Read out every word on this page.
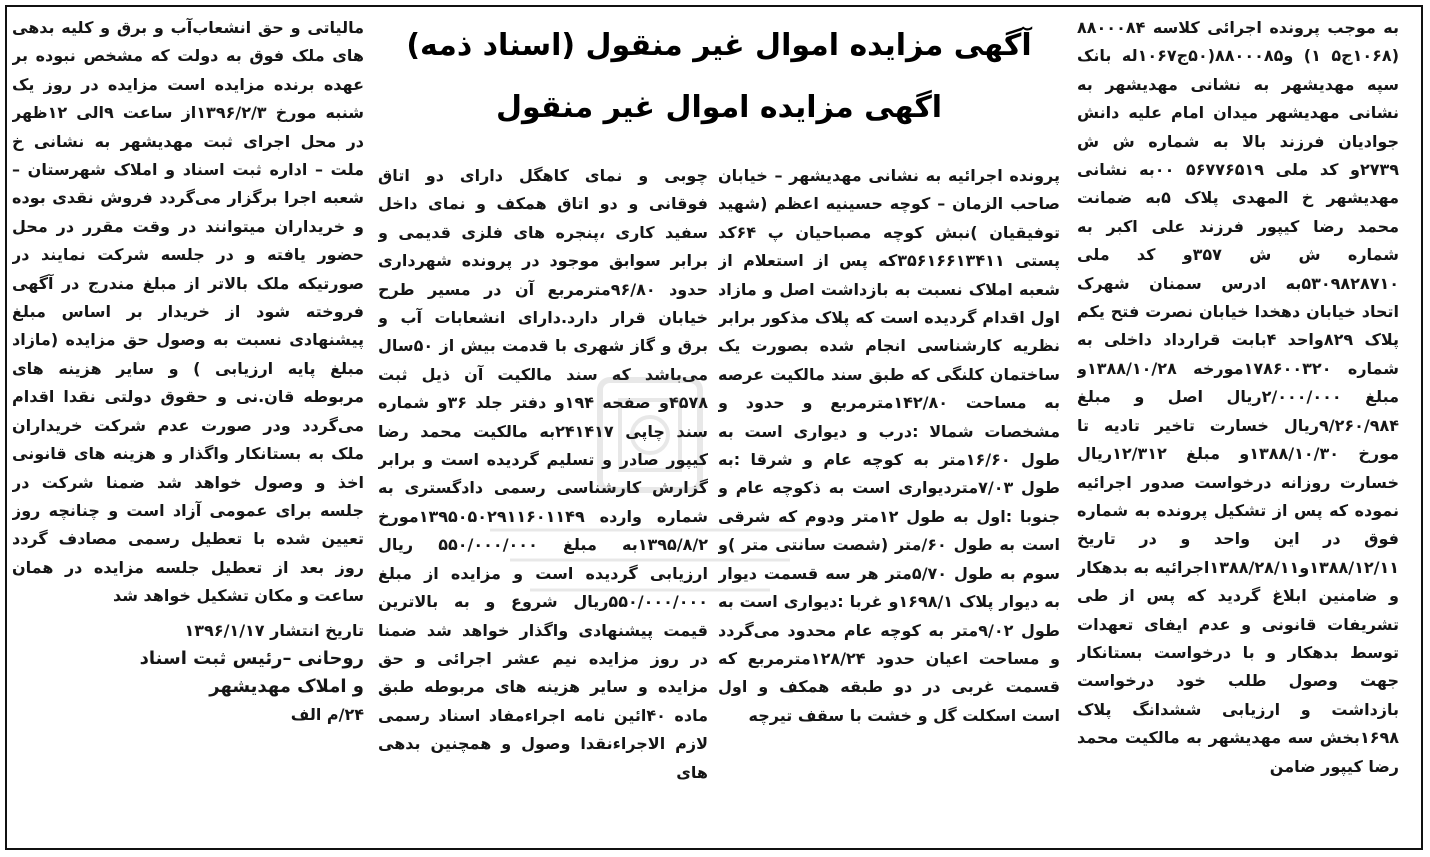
به موجب پرونده اجرائی کلاسه ۸۸۰۰۰۸۴ (۱۰۶۸ج۵ ۱) و۸۸۰۰۰۸۵(۵۰ج۱۰۶۷له بانک سپه مهدیشهر به نشانی مهدیشهر به نشانی مهدیشهر میدان امام علیه دانش جوادیان فرزند بالا به شماره ش ش ۲۷۳۹و کد ملی ۵۶۷۷۶۵۱۹ ۰۰به نشانی مهدیشهر خ المهدی پلاک ۵به ضمانت محمد رضا کیپور فرزند علی اکبر به شماره ش ش ۳۵۷و کد ملی ۵۳۰۹۸۲۸۷۱۰به ادرس سمنان شهرک اتحاد خیابان دهخدا خیابان نصرت فتح یکم پلاک ۸۲۹واحد ۴بابت قرارداد داخلی به شماره ۱۷۸۶۰۰۳۲۰مورخه ۱۳۸۸/۱۰/۲۸و مبلغ ۲/۰۰۰/۰۰۰ریال اصل و مبلغ ۹/۲۶۰/۹۸۴ریال خسارت تاخیر تادیه تا مورخ ۱۳۸۸/۱۰/۳۰و مبلغ ۱۲/۳۱۲ریال خسارت روزانه درخواست صدور اجرائیه نموده که پس از تشکیل پرونده به شماره فوق در این واحد و در تاریخ ۱۳۸۸/۱۲/۱۱و۱۳۸۸/۲۸/۱۱اجرائیه به بدهکار و ضامنین ابلاغ گردید که پس از طی تشریفات قانونی و عدم ایفای تعهدات توسط بدهکار و با درخواست بستانکار جهت وصول طلب خود درخواست بازداشت و ارزیابی ششدانگ پلاک ۱۶۹۸بخش سه مهدیشهر به مالکیت محمد رضا کیپور ضامن

آگهی مزایده اموال غیر منقول (اسناد ذمه)
اگهی مزایده اموال غیر منقول

پرونده اجرائیه به نشانی مهدیشهر – خیابان صاحب الزمان – کوچه حسینیه اعظم (شهید توفیقیان )نبش کوچه مصباحیان پ ۶۴کد پستی ۳۵۶۱۶۶۱۳۴۱۱که پس از استعلام از شعبه املاک نسبت به بازداشت اصل و مازاد اول اقدام گردیده است که پلاک مذکور برابر نظریه کارشناسی انجام شده بصورت یک ساختمان کلنگی که طبق سند مالکیت عرصه به مساحت ۱۴۲/۸۰مترمربع و حدود و مشخصات شمالا :درب و دیواری است به طول ۱۶/۶۰متر به کوچه عام و شرقا :به طول ۷/۰۳متردیواری است به ذکوچه عام و جنوبا :اول به طول ۱۲متر ودوم که شرقی است به طول ۶۰/متر (شصت سانتی متر )و سوم به طول ۵/۷۰متر هر سه قسمت دیوار به دیوار پلاک ۱۶۹۸/۱و غربا :دیواری است به طول ۹/۰۲متر به کوچه عام محدود می‌گردد و مساحت اعیان حدود ۱۲۸/۲۴مترمربع که قسمت غربی در دو طبقه همکف و اول است اسکلت گل و خشت با سقف تیرچه

چوبی و نمای کاهگل دارای دو اتاق فوقانی و دو اتاق همکف و نمای داخل سفید کاری ،پنجره های فلزی قدیمی و برابر سوابق موجود در پرونده شهرداری حدود ۹۶/۸۰مترمربع آن در مسیر طرح خیابان قرار دارد.دارای انشعابات آب و برق و گاز شهری با قدمت بیش از ۵۰سال می‌باشد که سند مالکیت آن ذیل ثبت ۴۵۷۸و صفحه ۱۹۴و دفتر جلد ۳۶و شماره سند چاپی ۲۴۱۴۱۷به مالکیت محمد رضا کیپور صادر و تسلیم گردیده است و برابر گزارش کارشناسی رسمی دادگستری به شماره وارده ۱۳۹۵۰۵۰۲۹۱۱۶۰۱۱۴۹مورخ ۱۳۹۵/۸/۲به مبلغ ۵۵۰/۰۰۰/۰۰۰ ریال ارزیابی گردیده است و مزایده از مبلغ ۵۵۰/۰۰۰/۰۰۰ریال شروع و به بالاترین قیمت پیشنهادی واگذار خواهد شد ضمنا در روز مزایده نیم عشر اجرائی و حق مزایده و سایر هزینه های مربوطه طبق ماده ۴۰ائین نامه اجراءمفاد اسناد رسمی لازم الاجراءنقدا وصول و همچنین بدهی های

مالیاتی و حق انشعاب‌آب و برق و کلیه بدهی های ملک فوق به دولت که مشخص نبوده بر عهده برنده مزایده است مزایده در روز یک شنبه مورخ ۱۳۹۶/۲/۳از ساعت ۹الی ۱۲ظهر در محل اجرای ثبت مهدیشهر به نشانی خ ملت – اداره ثبت اسناد و املاک شهرستان – شعبه اجرا برگزار می‌گردد فروش نقدی بوده و خریداران میتوانند در وقت مقرر در محل حضور یافته و در جلسه شرکت نمایند در صورتیکه ملک بالاتر از مبلغ مندرج در آگهی فروخته شود از خریدار بر اساس مبلغ پیشنهادی نسبت به وصول حق مزایده (مازاد مبلغ پایه ارزیابی ) و سایر هزینه های مربوطه قان.نی و حقوق دولتی نقدا اقدام می‌گردد ودر صورت عدم شرکت خریداران ملک به بستانکار واگذار و هزینه های قانونی اخذ و وصول خواهد شد ضمنا شرکت در جلسه برای عمومی آزاد است و چنانچه روز تعیین شده با تعطیل رسمی مصادف گردد روز بعد از تعطیل جلسه مزایده در همان ساعت و مکان تشکیل خواهد شد

تاریخ انتشار ۱۳۹۶/۱/۱۷
روحانی –رئیس ثبت اسناد
و املاک مهدیشهر
۲۴/م الف
